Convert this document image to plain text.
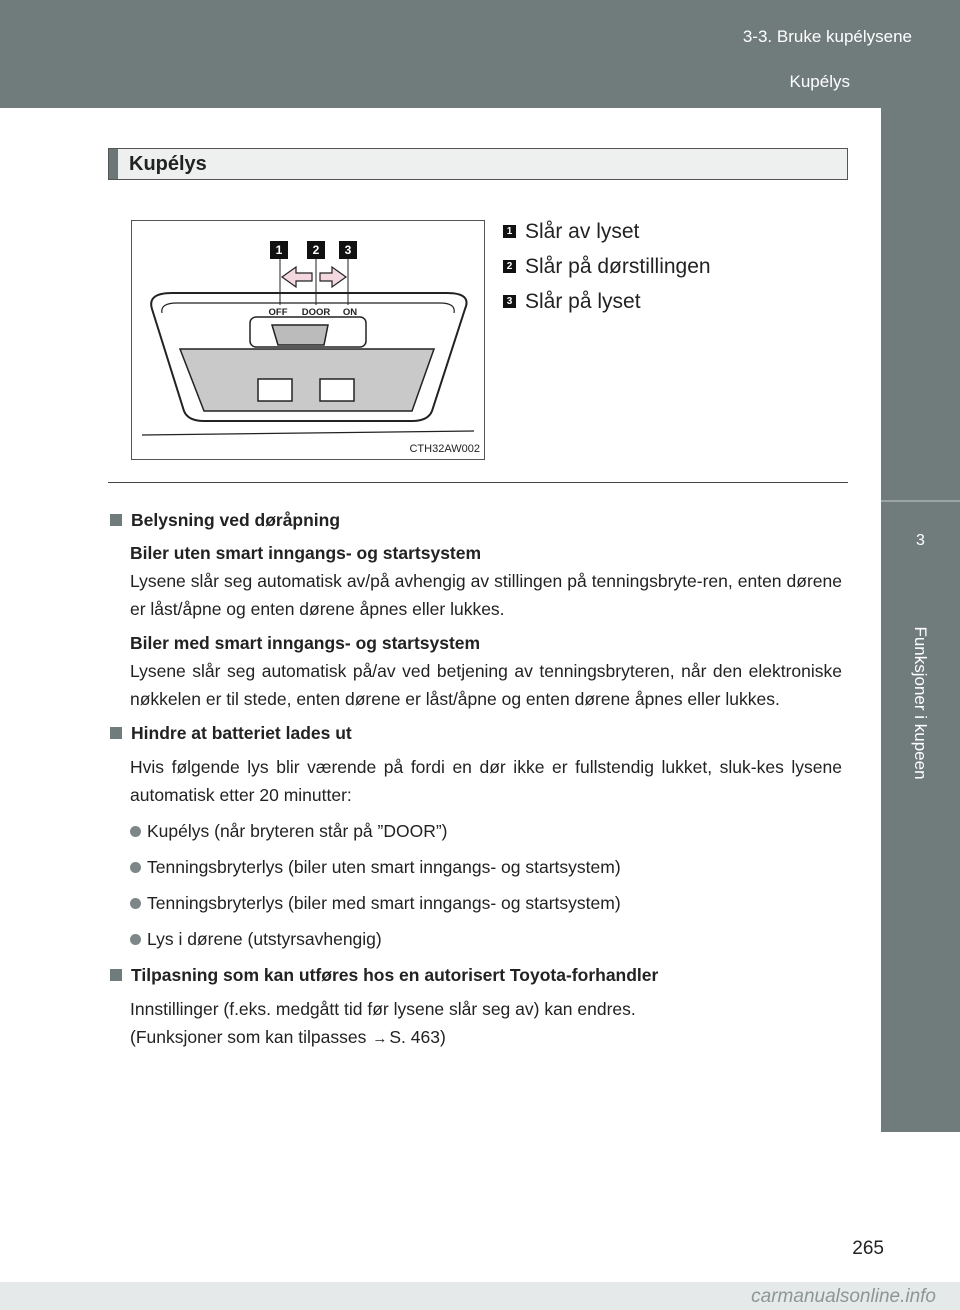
3-3. Bruke kupélysene
Kupélys
3
Funksjoner i kupeen
Kupélys
1	2 3
OFF DOOR ON
CTH32AW002
1 Slår av lyset
2 Slår på dørstillingen
3 Slår på lyset
Belysning ved døråpning
Biler uten smart inngangs- og startsystem
Lysene slår seg automatisk av/på avhengig av stillingen på tenningsbryte-ren, enten dørene er låst/åpne og enten dørene åpnes eller lukkes.
Biler med smart inngangs- og startsystem
Lysene slår seg automatisk på/av ved betjening av tenningsbryteren, når den elektroniske nøkkelen er til stede, enten dørene er låst/åpne og enten dørene åpnes eller lukkes.
Hindre at batteriet lades ut
Hvis følgende lys blir værende på fordi en dør ikke er fullstendig lukket, sluk-kes lysene automatisk etter 20 minutter:
Kupélys (når bryteren står på ”DOOR”)
Tenningsbryterlys (biler uten smart inngangs- og startsystem)
Tenningsbryterlys (biler med smart inngangs- og startsystem)
Lys i dørene (utstyrsavhengig)
Tilpasning som kan utføres hos en autorisert Toyota-forhandler
Innstillinger (f.eks. medgått tid før lysene slår seg av) kan endres.
(Funksjoner som kan tilpasses → S. 463)
265
carmanualsonline.info
